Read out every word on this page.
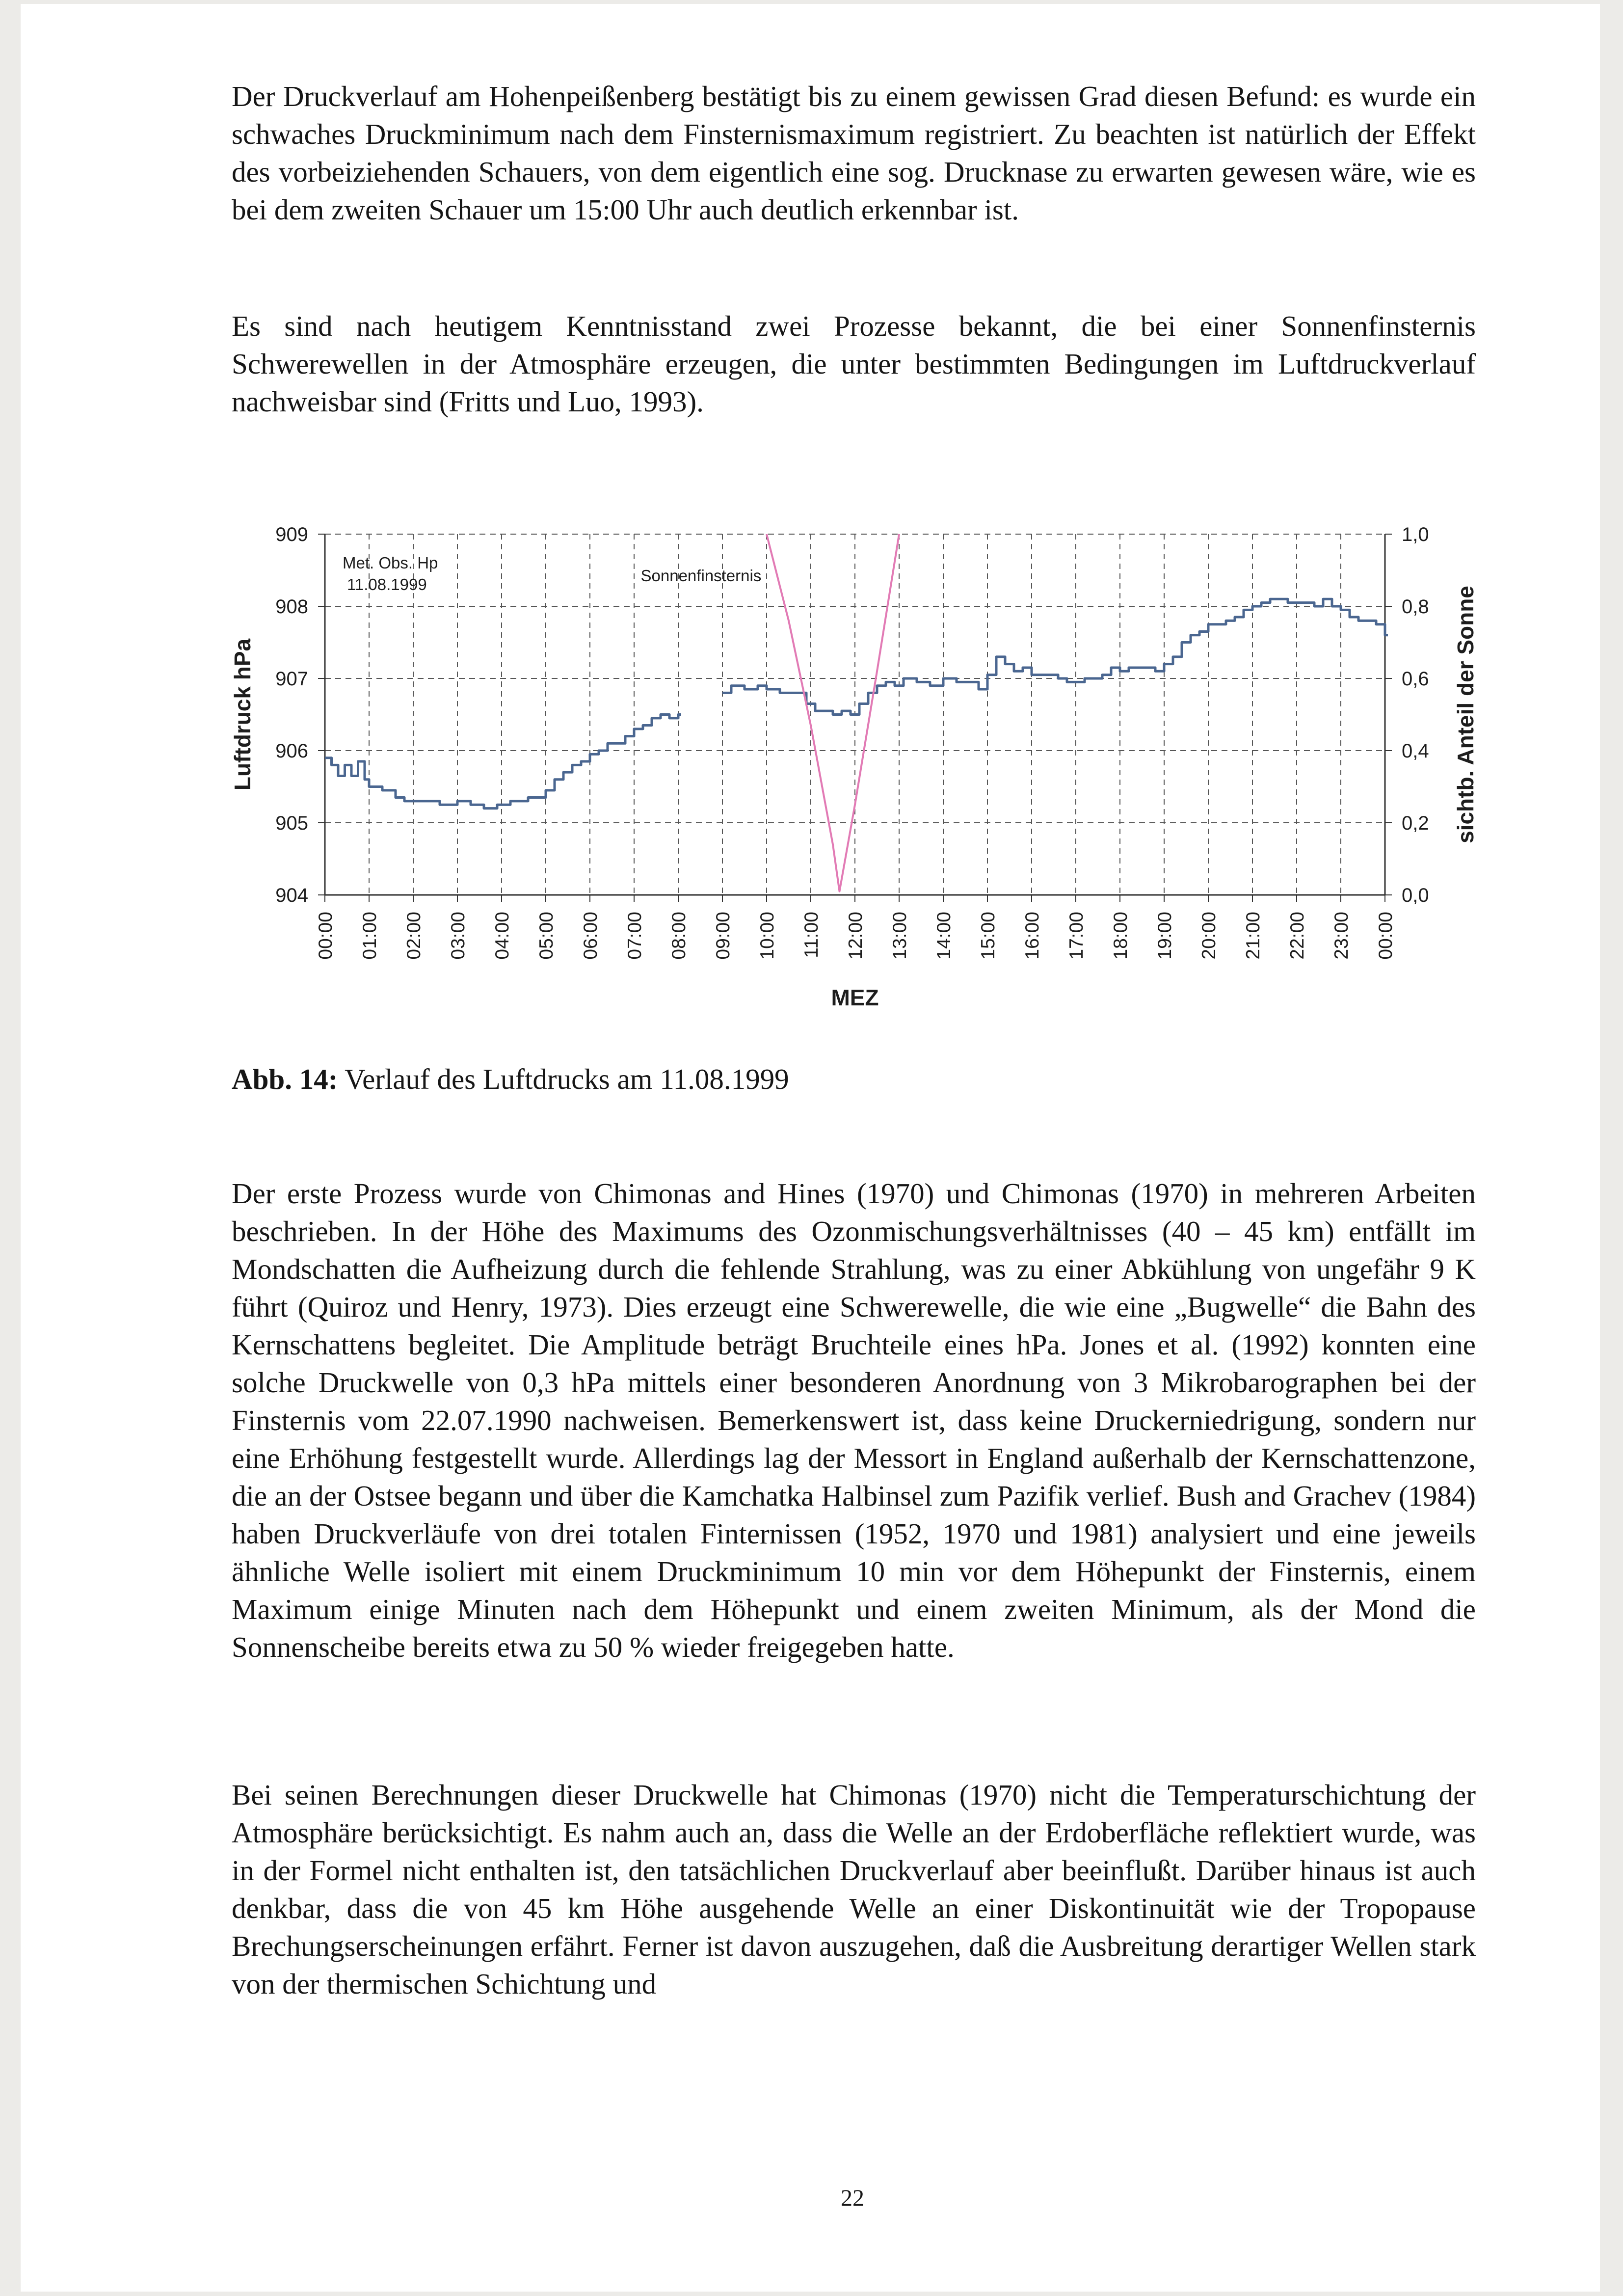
Der Druckverlauf am Hohenpeißenberg bestätigt bis zu einem gewissen Grad diesen Befund: es wurde ein schwaches Druckminimum nach dem Finsternismaximum registriert. Zu beachten ist natürlich der Effekt des vorbeiziehenden Schauers, von dem eigentlich eine sog. Drucknase zu erwarten gewesen wäre, wie es bei dem zweiten Schauer um 15:00 Uhr auch deutlich erkennbar ist.

Es sind nach heutigem Kenntnisstand zwei Prozesse bekannt, die bei einer Sonnenfinsternis Schwerewellen in der Atmosphäre erzeugen, die unter bestimmten Bedingungen im Luftdruckverlauf nachweisbar sind (Fritts und Luo, 1993).

909	1,0
908	0,8
907	0,6
906	0,4
905	0,2
904	0,0
00:00 01:00 02:00 03:00 04:00 05:00 06:00 07:00 08:00 09:00 10:00 11:00 12:00 13:00 14:00 15:00 16:00 17:00 18:00 19:00 20:00 21:00 22:00 23:00 00:00
Luftdruck hPa	sichtb. Anteil der Sonne
MEZ
Met. Obs. Hp
11.08.1999	Sonnenfinsternis
Abb. 14: Verlauf des Luftdrucks am 11.08.1999

Der erste Prozess wurde von Chimonas and Hines (1970) und Chimonas (1970) in mehreren Arbeiten beschrieben. In der Höhe des Maximums des Ozonmischungsverhältnisses (40 – 45 km) entfällt im Mondschatten die Aufheizung durch die fehlende Strahlung, was zu einer Abkühlung von ungefähr 9 K führt (Quiroz und Henry, 1973). Dies erzeugt eine Schwerewelle, die wie eine „Bugwelle“ die Bahn des Kernschattens begleitet. Die Amplitude beträgt Bruchteile eines hPa. Jones et al. (1992) konnten eine solche Druckwelle von 0,3 hPa mittels einer besonderen Anordnung von 3 Mikrobarographen bei der Finsternis vom 22.07.1990 nachweisen. Bemerkenswert ist, dass keine Druckerniedrigung, sondern nur eine Erhöhung festgestellt wurde. Allerdings lag der Messort in England außerhalb der Kernschattenzone, die an der Ostsee begann und über die Kamchatka Halbinsel zum Pazifik verlief. Bush and Grachev (1984) haben Druckverläufe von drei totalen Finternissen (1952, 1970 und 1981) analysiert und eine jeweils ähnliche Welle isoliert mit einem Druckminimum 10 min vor dem Höhepunkt der Finsternis, einem Maximum einige Minuten nach dem Höhepunkt und einem zweiten Minimum, als der Mond die Sonnenscheibe bereits etwa zu 50 % wieder freigegeben hatte.

Bei seinen Berechnungen dieser Druckwelle hat Chimonas (1970) nicht die Temperaturschichtung der Atmosphäre berücksichtigt. Es nahm auch an, dass die Welle an der Erdoberfläche reflektiert wurde, was in der Formel nicht enthalten ist, den tatsächlichen Druckverlauf aber beeinflußt. Darüber hinaus ist auch denkbar, dass die von 45 km Höhe ausgehende Welle an einer Diskontinuität wie der Tropopause Brechungserscheinungen erfährt. Ferner ist davon auszugehen, daß die Ausbreitung derartiger Wellen stark von der thermischen Schichtung und

22
